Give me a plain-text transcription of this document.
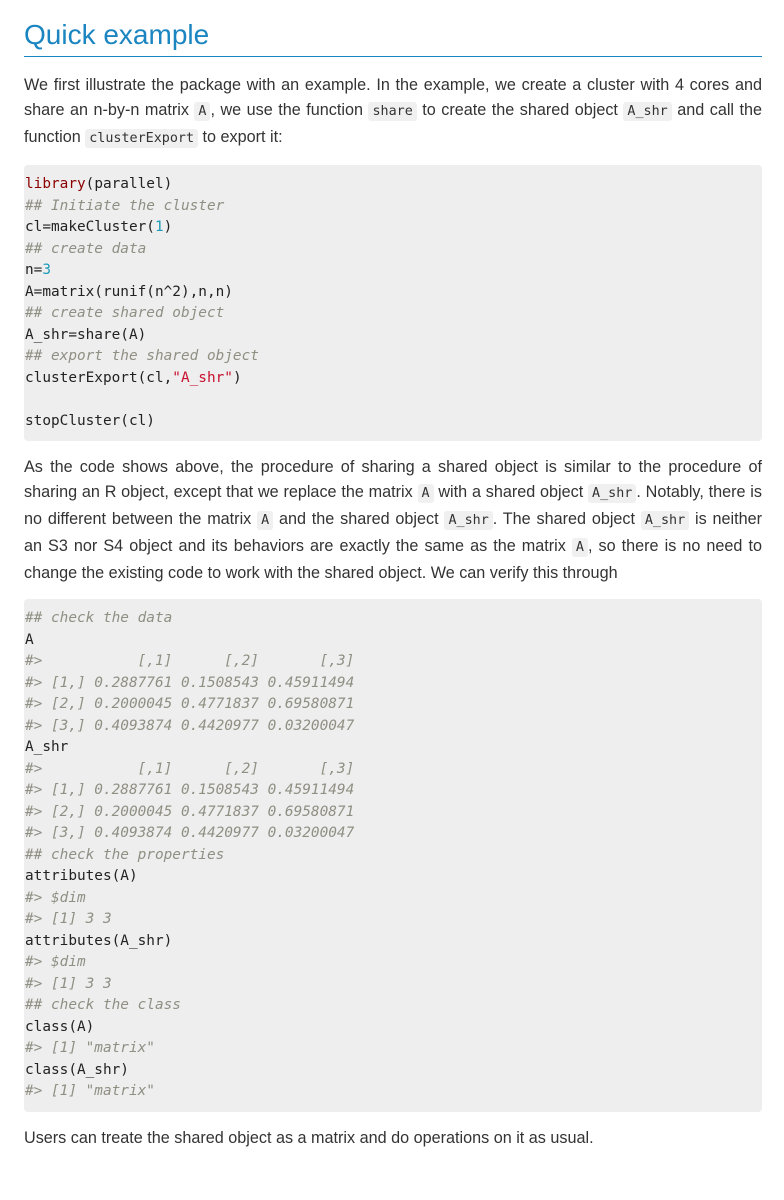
Quick example

We first illustrate the package with an example. In the example, we create a cluster with 4 cores and share an n-by-n matrix A , we use the function share to create the shared object A_shr and call the function clusterExport to export it:

library(parallel)
## Initiate the cluster
cl=makeCluster(1)
## create data
n=3
A=matrix(runif(n^2),n,n)
## create shared object
A_shr=share(A)
## export the shared object
clusterExport(cl,"A_shr")
stopCluster(cl)

As the code shows above, the procedure of sharing a shared object is similar to the procedure of sharing an R object, except that we replace the matrix A with a shared object A_shr . Notably, there is no different between the matrix A and the shared object A_shr . The shared object A_shr is neither an S3 nor S4 object and its behaviors are exactly the same as the matrix A , so there is no need to change the existing code to work with the shared object. We can verify this through

## check the data
A
#>           [,1]      [,2]       [,3]
#> [1,] 0.2887761 0.1508543 0.45911494
#> [2,] 0.2000045 0.4771837 0.69580871
#> [3,] 0.4093874 0.4420977 0.03200047
A_shr
#>           [,1]      [,2]       [,3]
#> [1,] 0.2887761 0.1508543 0.45911494
#> [2,] 0.2000045 0.4771837 0.69580871
#> [3,] 0.4093874 0.4420977 0.03200047
## check the properties
attributes(A)
#> $dim
#> [1] 3 3
attributes(A_shr)
#> $dim
#> [1] 3 3
## check the class
class(A)
#> [1] "matrix"
class(A_shr)
#> [1] "matrix"

Users can treate the shared object as a matrix and do operations on it as usual.
